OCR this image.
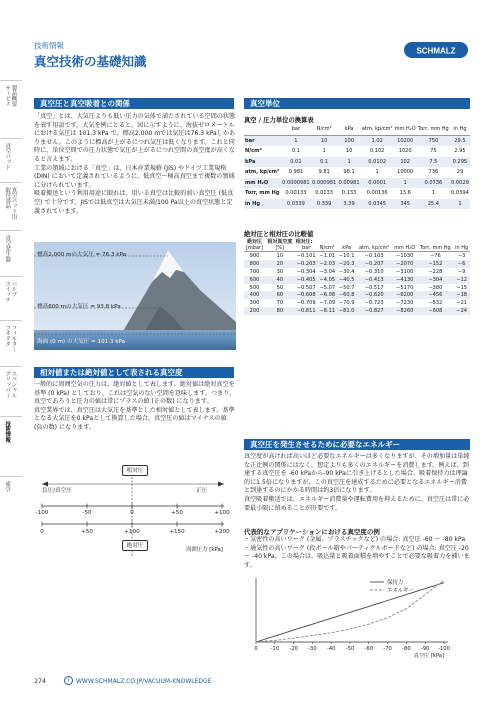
技術情報
真空技術の基礎知識
SCHMALZ
製品概要
サービス
真空パッド
真空パッド用
取付部品
真空発生器
バルブ
スイッチ
フィルター
コネクタ
スペシャル
グリッパー
技術情報
索引
真空圧と真空吸着との関係
「真空」とは、大気圧よりも低い圧力の気体で満たされている空間の状態を表す用語です。大気を例にとると、図に示すように、海抜ゼロメートルにおける気圧は 101.3 kPa で、標高2,000 mでは気圧は76.3 kPaしかありません。このように標高が上がるにつれ気圧は低くなります。これと同時に、単位空間での圧力状態で気圧が上がるにつれ空間の真空度が高くなると言えます。
工業の領域における「真空」は、日本産業規格 (JIS) やドイツ工業規格 (DIN) において定義されているように、低真空～極高真空まで複数の領域に分けられています。
吸着搬送という利用用途に限れば、用いる真空は比較的弱い真空圧 (低真空) で十分です。JISでは低真空は大気圧未満/100 Pa以上の真空状態と定義されています。
標高2,000 mの大気圧 = 76.3 kPa
標高600 mの大気圧 = 93.8 kPa
海面 (0 m) の大気圧 = 101.3 kPa
相対値または絶対値として表される真空度
一般的に周囲空気の圧力は、絶対値として表します。絶対値は絶対真空を基準 (0 kPa) としており、これは空気のない空間を意味します。つまり、真空であろうと圧力の値は常にプラスの値 (正の数) になります。
真空業界では、真空圧は大気圧を基準とした相対値として表します。基準となる大気圧を0 kPaとして換算した場合、真空圧の値はマイナスの値 (負の数) になります。
相対圧
負圧/真空圧	正圧
絶対圧
周囲圧力 [kPa]
真空単位
真空 / 圧力単位の換算表
	bar	N/cm²	kPa	atm, kp/cm²	mm H₂O	Torr, mm Hg	in Hg
bar	1	10	100	1.02	10200	750	29.5
N/cm²	0.1	1	10	0.102	1020	75	2.95
kPa	0.01	0.1	1	0.0102	102	7.5	0.295
atm, kp/cm²	0.981	9.81	98.1	1	10000	736	29
mm H₂O	0.0000981	0.000981	0.00981	0.0001	1	0.0736	0.0029
Torr, mm Hg	0.00133	0.0133	0.133	0.00136	13.6	1	0.0394
in Hg	0.0339	0.339	3.39	0.0345	345	25.4	1
絶対圧と相対圧の比較値
絶対圧	相対真空度	相対圧:						
[mbar]	[%]	bar	N/cm²	kPa	atm, kp/cm²	mm H₂O	Torr, mm Hg	in Hg
900	10	−0.101	−1.01	−10.1	−0.103	−1030	−76	−3
800	20	−0.203	−2.03	−20.3	−0.207	−2070	−152	−6
700	30	−0.304	−3.04	−30.4	−0.310	−3100	−228	−9
600	40	−0.405	−4.05	−40.5	−0.413	−4130	−304	−12
500	50	−0.507	−5.07	−50.7	−0.517	−5170	−380	−15
400	60	−0.608	−6.08	−60.8	−0.620	−6200	−456	−18
300	70	−0.709	−7.09	−70.9	−0.723	−7230	−532	−21
200	80	−0.811	−8.11	−81.0	−0.827	−8260	−608	−24
真空圧を発生させるために必要なエネルギー
真空度が高ければ高いほど必要なエネルギーは多くなりますが、その増加量は単純な正比例の関係にはなく、想定よりも多くのエネルギーを消費します。例えば、到達する真空圧を -60 kPaから-90 kPaに引き上げるとした場合、吸着保持力は理論的に1.5倍になりますが、この真空圧を達成するために必要となるエネルギー消費と到達するのにかかる時間は約3倍になります。
真空吸着搬送では、エネルギー消費量や運転費用を抑えるために、真空圧は常に必要最小限に留めることが肝要です。
代表的なアプリケーションにおける真空度の例
・気密性の高いワーク (金属、プラスチックなど) の場合: 真空圧 -60 ～ -80 kPa
・通気性の高いワーク (段ボール箱やパーティクルボードなど) の場合: 真空圧 -20 ～ -40 kPa。この場合は、吸込量と吸着面積を増やすことで必要な吸着力を補います。
0 -10 -20 -30 -40 -50 -60 -70 -80 -90 -100
真空圧 [kPa]
保持力
エネルギー
274	i	WWW.SCHMALZ.CO.JP/VACUUM-KNOWLEDGE
-100	-50	0	+50	+100
0	+50	+100	+150	+200
